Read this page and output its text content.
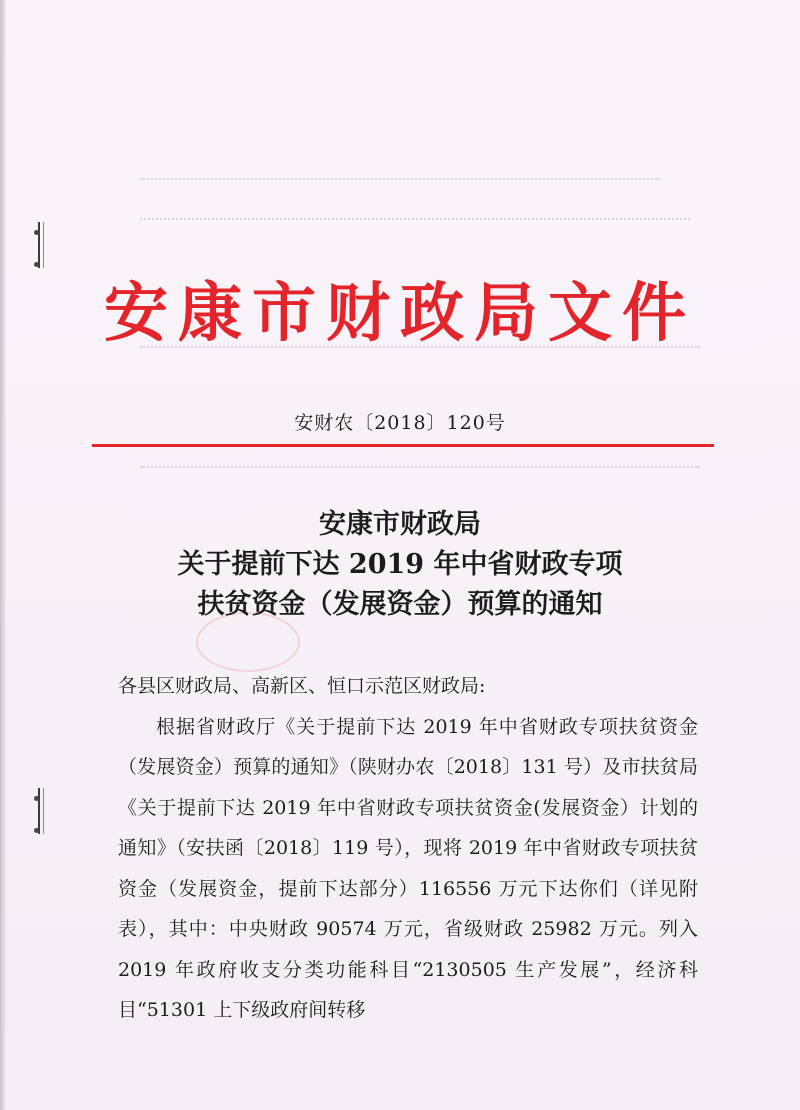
安康市财政局文件
安财农〔2018〕120号
安康市财政局
关于提前下达 2019 年中省财政专项
扶贫资金（发展资金）预算的通知

各县区财政局、高新区、恒口示范区财政局:

根据省财政厅《关于提前下达 2019 年中省财政专项扶贫资金（发展资金）预算的通知》（陕财办农〔2018〕131 号）及市扶贫局《关于提前下达 2019 年中省财政专项扶贫资金(发展资金）计划的通知》（安扶函〔2018〕119 号），现将 2019 年中省财政专项扶贫资金（发展资金，提前下达部分）116556 万元下达你们（详见附表），其中：中央财政 90574 万元，省级财政 25982 万元。列入 2019 年政府收支分类功能科目“2130505 生产发展”，经济科目“51301 上下级政府间转移
